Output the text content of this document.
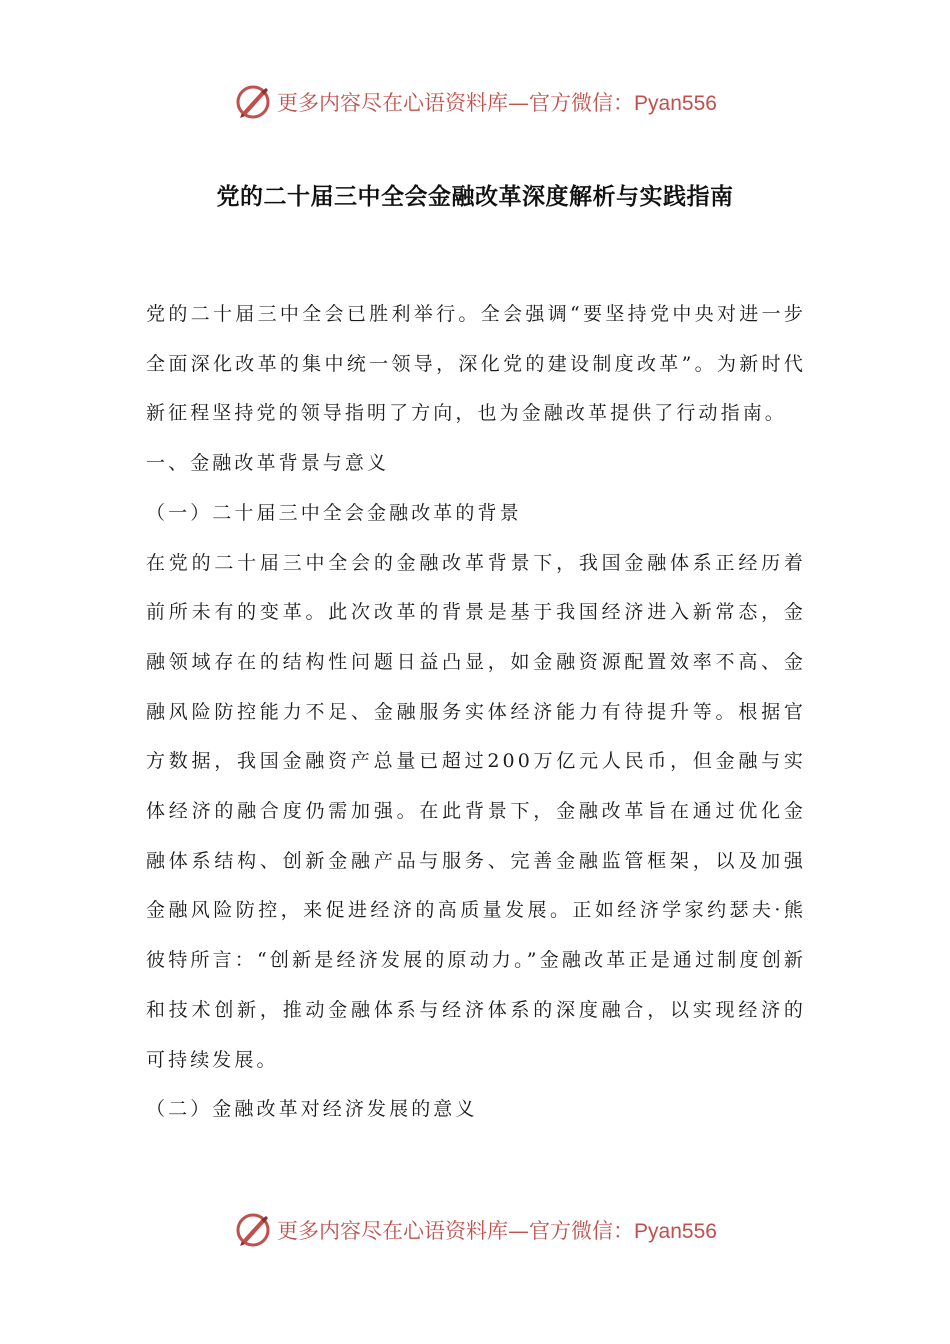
更多内容尽在心语资料库—官方微信：Pyan556
党的二十届三中全会金融改革深度解析与实践指南

党的二十届三中全会已胜利举行。全会强调“要坚持党中央对进一步全面深化改革的集中统一领导，深化党的建设制度改革”。为新时代新征程坚持党的领导指明了方向，也为金融改革提供了行动指南。

一、金融改革背景与意义

（一）二十届三中全会金融改革的背景

在党的二十届三中全会的金融改革背景下，我国金融体系正经历着前所未有的变革。此次改革的背景是基于我国经济进入新常态，金融领域存在的结构性问题日益凸显，如金融资源配置效率不高、金融风险防控能力不足、金融服务实体经济能力有待提升等。根据官方数据，我国金融资产总量已超过200万亿元人民币，但金融与实体经济的融合度仍需加强。在此背景下，金融改革旨在通过优化金融体系结构、创新金融产品与服务、完善金融监管框架，以及加强金融风险防控，来促进经济的高质量发展。正如经济学家约瑟夫·熊彼特所言：“创新是经济发展的原动力。”金融改革正是通过制度创新和技术创新，推动金融体系与经济体系的深度融合，以实现经济的可持续发展。

（二）金融改革对经济发展的意义

更多内容尽在心语资料库—官方微信：Pyan556
